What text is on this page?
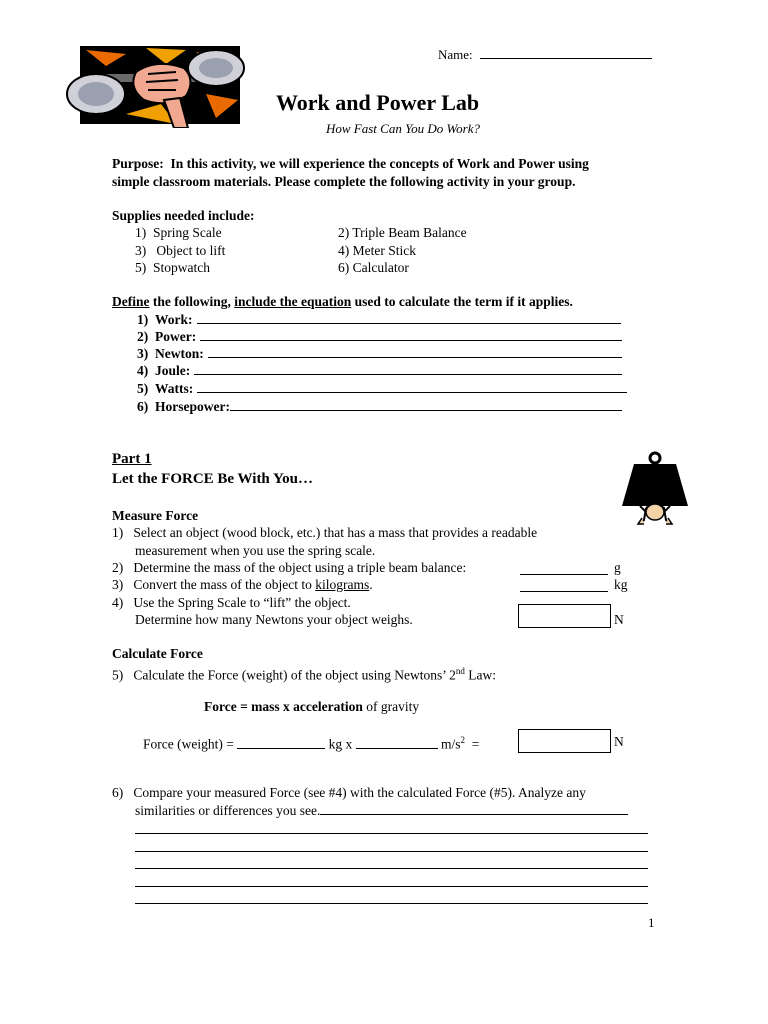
Name:
Work and Power Lab
How Fast Can You Do Work?
Purpose: In this activity, we will experience the concepts of Work and Power using
simple classroom materials. Please complete the following activity in your group.
Supplies needed include:
1) Spring Scale	2) Triple Beam Balance
3)   Object to lift	4) Meter Stick
5) Stopwatch	6) Calculator
Define the following, include the equation used to calculate the term if it applies.
1) Work:
2) Power:
3) Newton:
4) Joule:
5) Watts:
6) Horsepower:
Part 1
Let the FORCE Be With You…
Measure Force
1) Select an object (wood block, etc.) that has a mass that provides a readable
measurement when you use the spring scale.
2) Determine the mass of the object using a triple beam balance:	g
3) Convert the mass of the object to kilograms.	kg
4) Use the Spring Scale to “lift” the object.
Determine how many Newtons your object weighs.	N
Calculate Force
5) Calculate the Force (weight) of the object using Newtons’ 2nd Law:
Force = mass x acceleration of gravity
Force (weight) =	kg x	$m/s^2$ =	N
6) Compare your measured Force (see #4) with the calculated Force (#5). Analyze any
similarities or differences you see.
1
